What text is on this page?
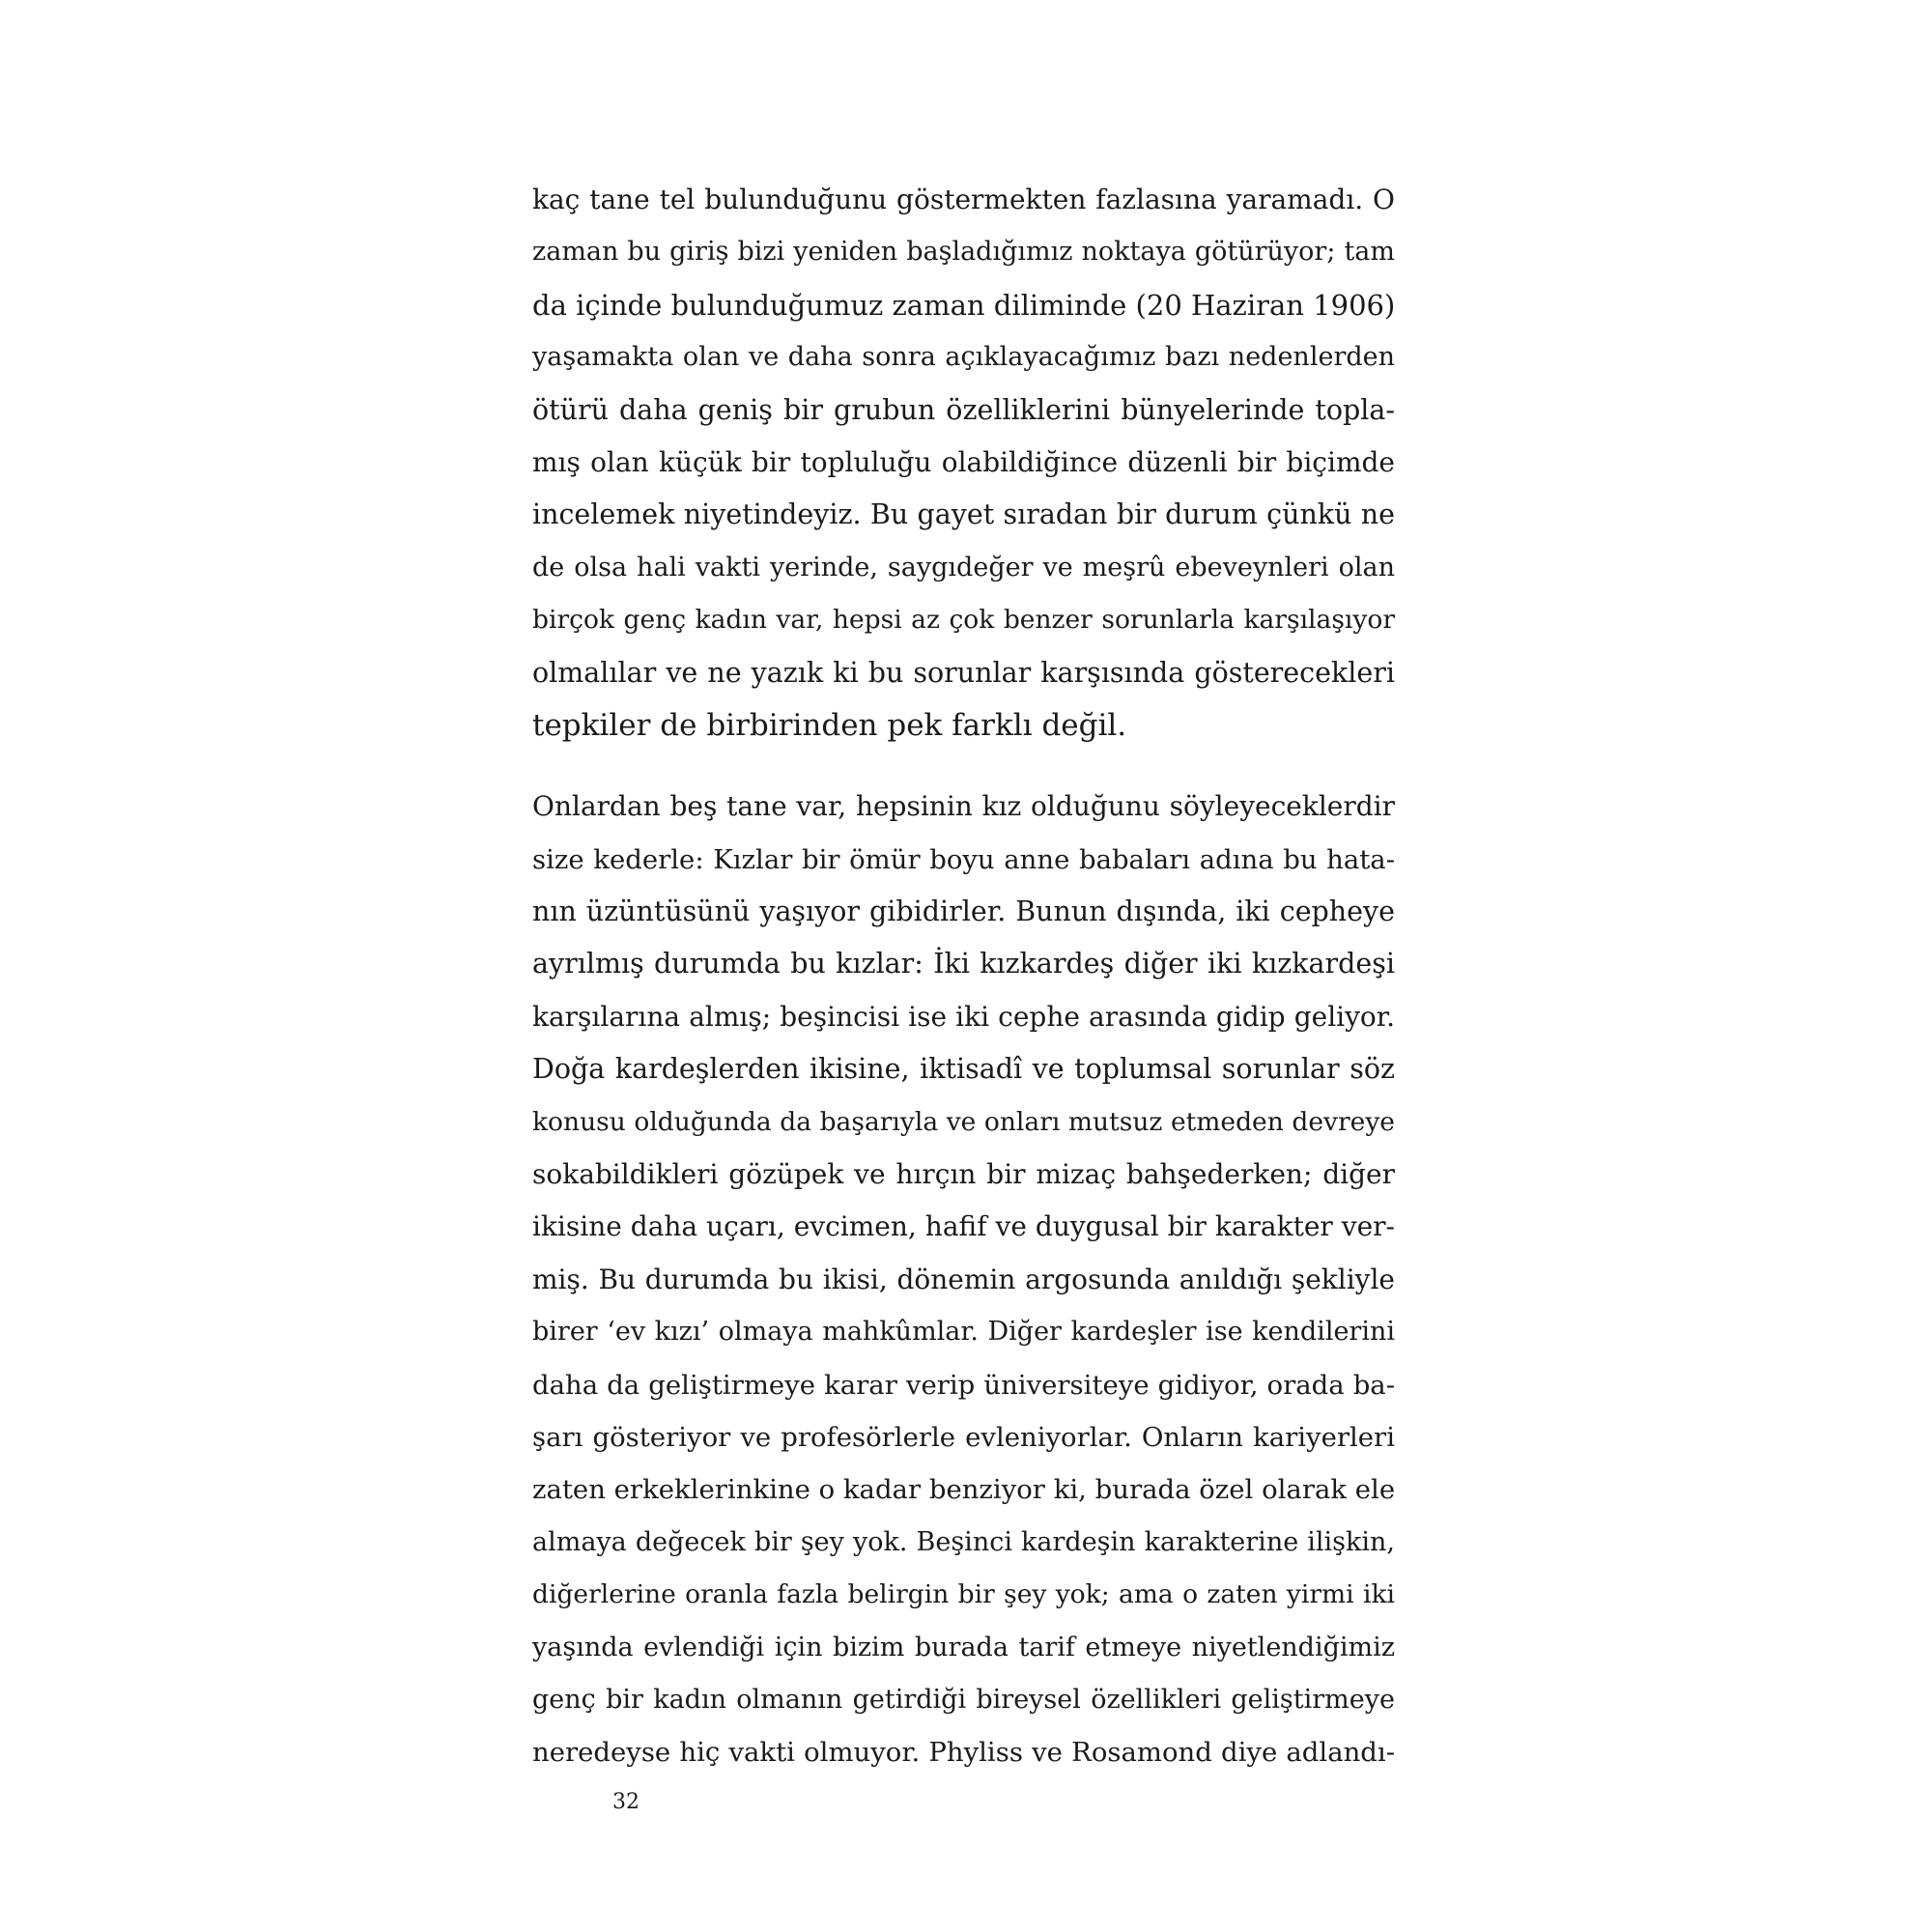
kaç tane tel bulunduğunu göstermekten fazlasına yaramadı. O
zaman bu giriş bizi yeniden başladığımız noktaya götürüyor; tam
da içinde bulunduğumuz zaman diliminde (20 Haziran 1906)
yaşamakta olan ve daha sonra açıklayacağımız bazı nedenlerden
ötürü daha geniş bir grubun özelliklerini bünyelerinde topla-
mış olan küçük bir topluluğu olabildiğince düzenli bir biçimde
incelemek niyetindeyiz. Bu gayet sıradan bir durum çünkü ne
de olsa hali vakti yerinde, saygıdeğer ve meşrû ebeveynleri olan
birçok genç kadın var, hepsi az çok benzer sorunlarla karşılaşıyor
olmalılar ve ne yazık ki bu sorunlar karşısında gösterecekleri
tepkiler de birbirinden pek farklı değil.
Onlardan beş tane var, hepsinin kız olduğunu söyleyeceklerdir
size kederle: Kızlar bir ömür boyu anne babaları adına bu hata-
nın üzüntüsünü yaşıyor gibidirler. Bunun dışında, iki cepheye
ayrılmış durumda bu kızlar: İki kızkardeş diğer iki kızkardeşi
karşılarına almış; beşincisi ise iki cephe arasında gidip geliyor.
Doğa kardeşlerden ikisine, iktisadî ve toplumsal sorunlar söz
konusu olduğunda da başarıyla ve onları mutsuz etmeden devreye
sokabildikleri gözüpek ve hırçın bir mizaç bahşederken; diğer
ikisine daha uçarı, evcimen, hafif ve duygusal bir karakter ver-
miş. Bu durumda bu ikisi, dönemin argosunda anıldığı şekliyle
birer ‘ev kızı’ olmaya mahkûmlar. Diğer kardeşler ise kendilerini
daha da geliştirmeye karar verip üniversiteye gidiyor, orada ba-
şarı gösteriyor ve profesörlerle evleniyorlar. Onların kariyerleri
zaten erkeklerinkine o kadar benziyor ki, burada özel olarak ele
almaya değecek bir şey yok. Beşinci kardeşin karakterine ilişkin,
diğerlerine oranla fazla belirgin bir şey yok; ama o zaten yirmi iki
yaşında evlendiği için bizim burada tarif etmeye niyetlendiğimiz
genç bir kadın olmanın getirdiği bireysel özellikleri geliştirmeye
neredeyse hiç vakti olmuyor. Phyliss ve Rosamond diye adlandı-
32
